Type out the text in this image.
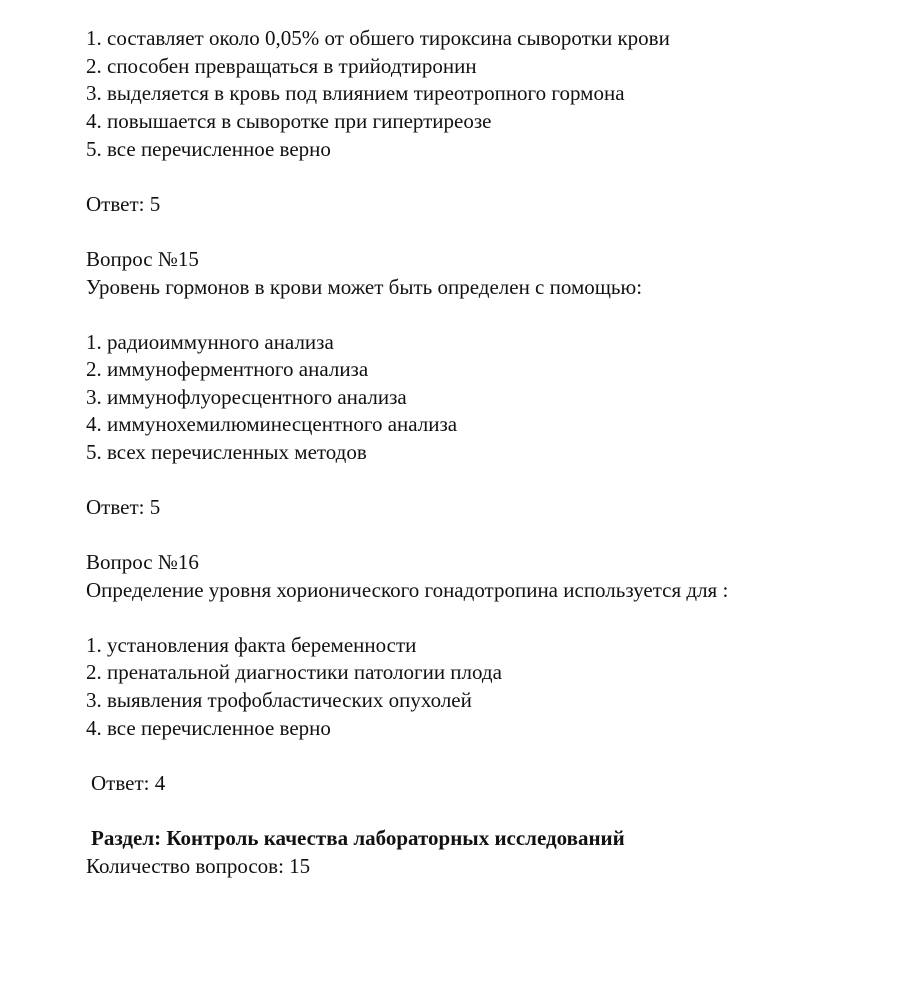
1. составляет около 0,05% от обшего тироксина сыворотки крови
2. способен превращаться в трийодтиронин
3. выделяется в кровь под влиянием тиреотропного гормона
4. повышается в сыворотке при гипертиреозе
5. все перечисленное верно
Ответ: 5
Вопрос №15
Уровень гормонов в крови может быть определен с помощью:
1. радиоиммунного анализа
2. иммуноферментного анализа
3. иммунофлуоресцентного анализа
4. иммунохемилюминесцентного анализа
5. всех перечисленных методов
Ответ: 5
Вопрос №16
Определение уровня хорионического гонадотропина используется для :
1. установления факта беременности
2. пренатальной диагностики патологии плода
3. выявления трофобластических опухолей
4. все перечисленное верно
Ответ: 4
Раздел: Контроль качества лабораторных исследований
Количество вопросов: 15
